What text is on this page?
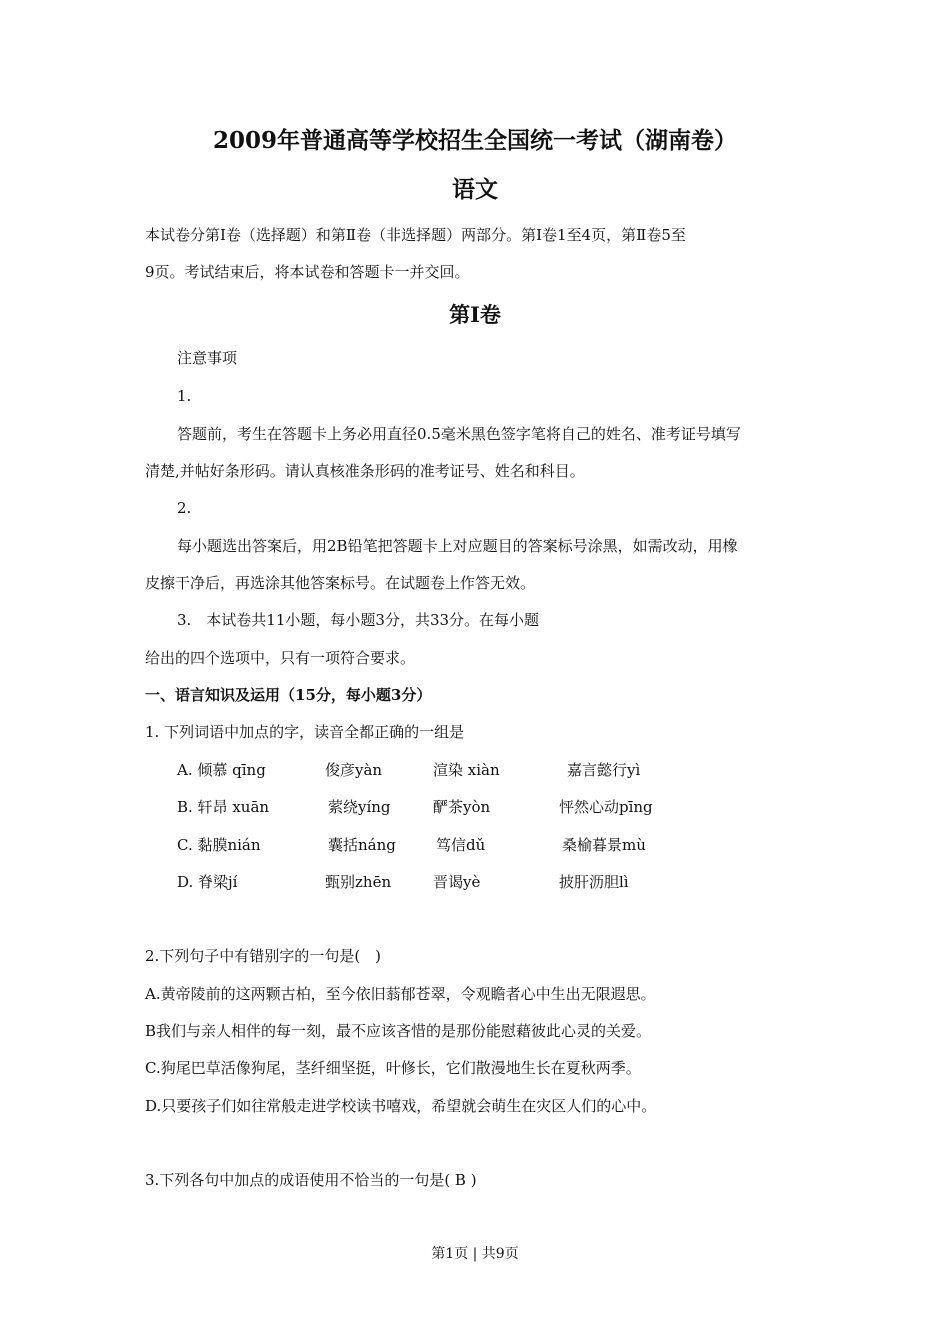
2009年普通高等学校招生全国统一考试（湖南卷）
语文
本试卷分第Ⅰ卷（选择题）和第Ⅱ卷（非选择题）两部分。第Ⅰ卷1至4页，第Ⅱ卷5至
9页。考试结束后，将本试卷和答题卡一并交回。
第Ⅰ卷
注意事项
1.
答题前，考生在答题卡上务必用直径0.5毫米黑色签字笔将自己的姓名、准考证号填写
清楚,并帖好条形码。请认真核准条形码的准考证号、姓名和科目。
2.
每小题选出答案后，用2B铅笔把答题卡上对应题目的答案标号涂黑，如需改动，用橡
皮擦干净后，再选涂其他答案标号。在试题卷上作答无效。
3.　本试卷共11小题，每小题3分，共33分。在每小题
给出的四个选项中，只有一项符合要求。
一、语言知识及运用（15分，每小题3分）
1. 下列词语中加点的字，读音全都正确的一组是
A. 倾慕 qīng	俊彦yàn	渲染 xiàn	嘉言懿行yì
B. 轩昂 xuān	萦绕yíng	酽茶yòn	怦然心动pīng
C. 黏膜nián	囊括náng	笃信dǔ	桑榆暮景mù
D. 脊梁jí	甄别zhēn	晋谒yè	披肝沥胆lì
2.下列句子中有错别字的一句是(　)
A.黄帝陵前的这两颗古柏，至今依旧蓊郁苍翠，令观瞻者心中生出无限遐思。
B我们与亲人相伴的每一刻，最不应该吝惜的是那份能慰藉彼此心灵的关爱。
C.狗尾巴草活像狗尾，茎纤细坚挺，叶修长，它们散漫地生长在夏秋两季。
D.只要孩子们如往常般走进学校读书嘻戏，希望就会萌生在灾区人们的心中。
3.下列各句中加点的成语使用不恰当的一句是( B )
第1页 | 共9页
